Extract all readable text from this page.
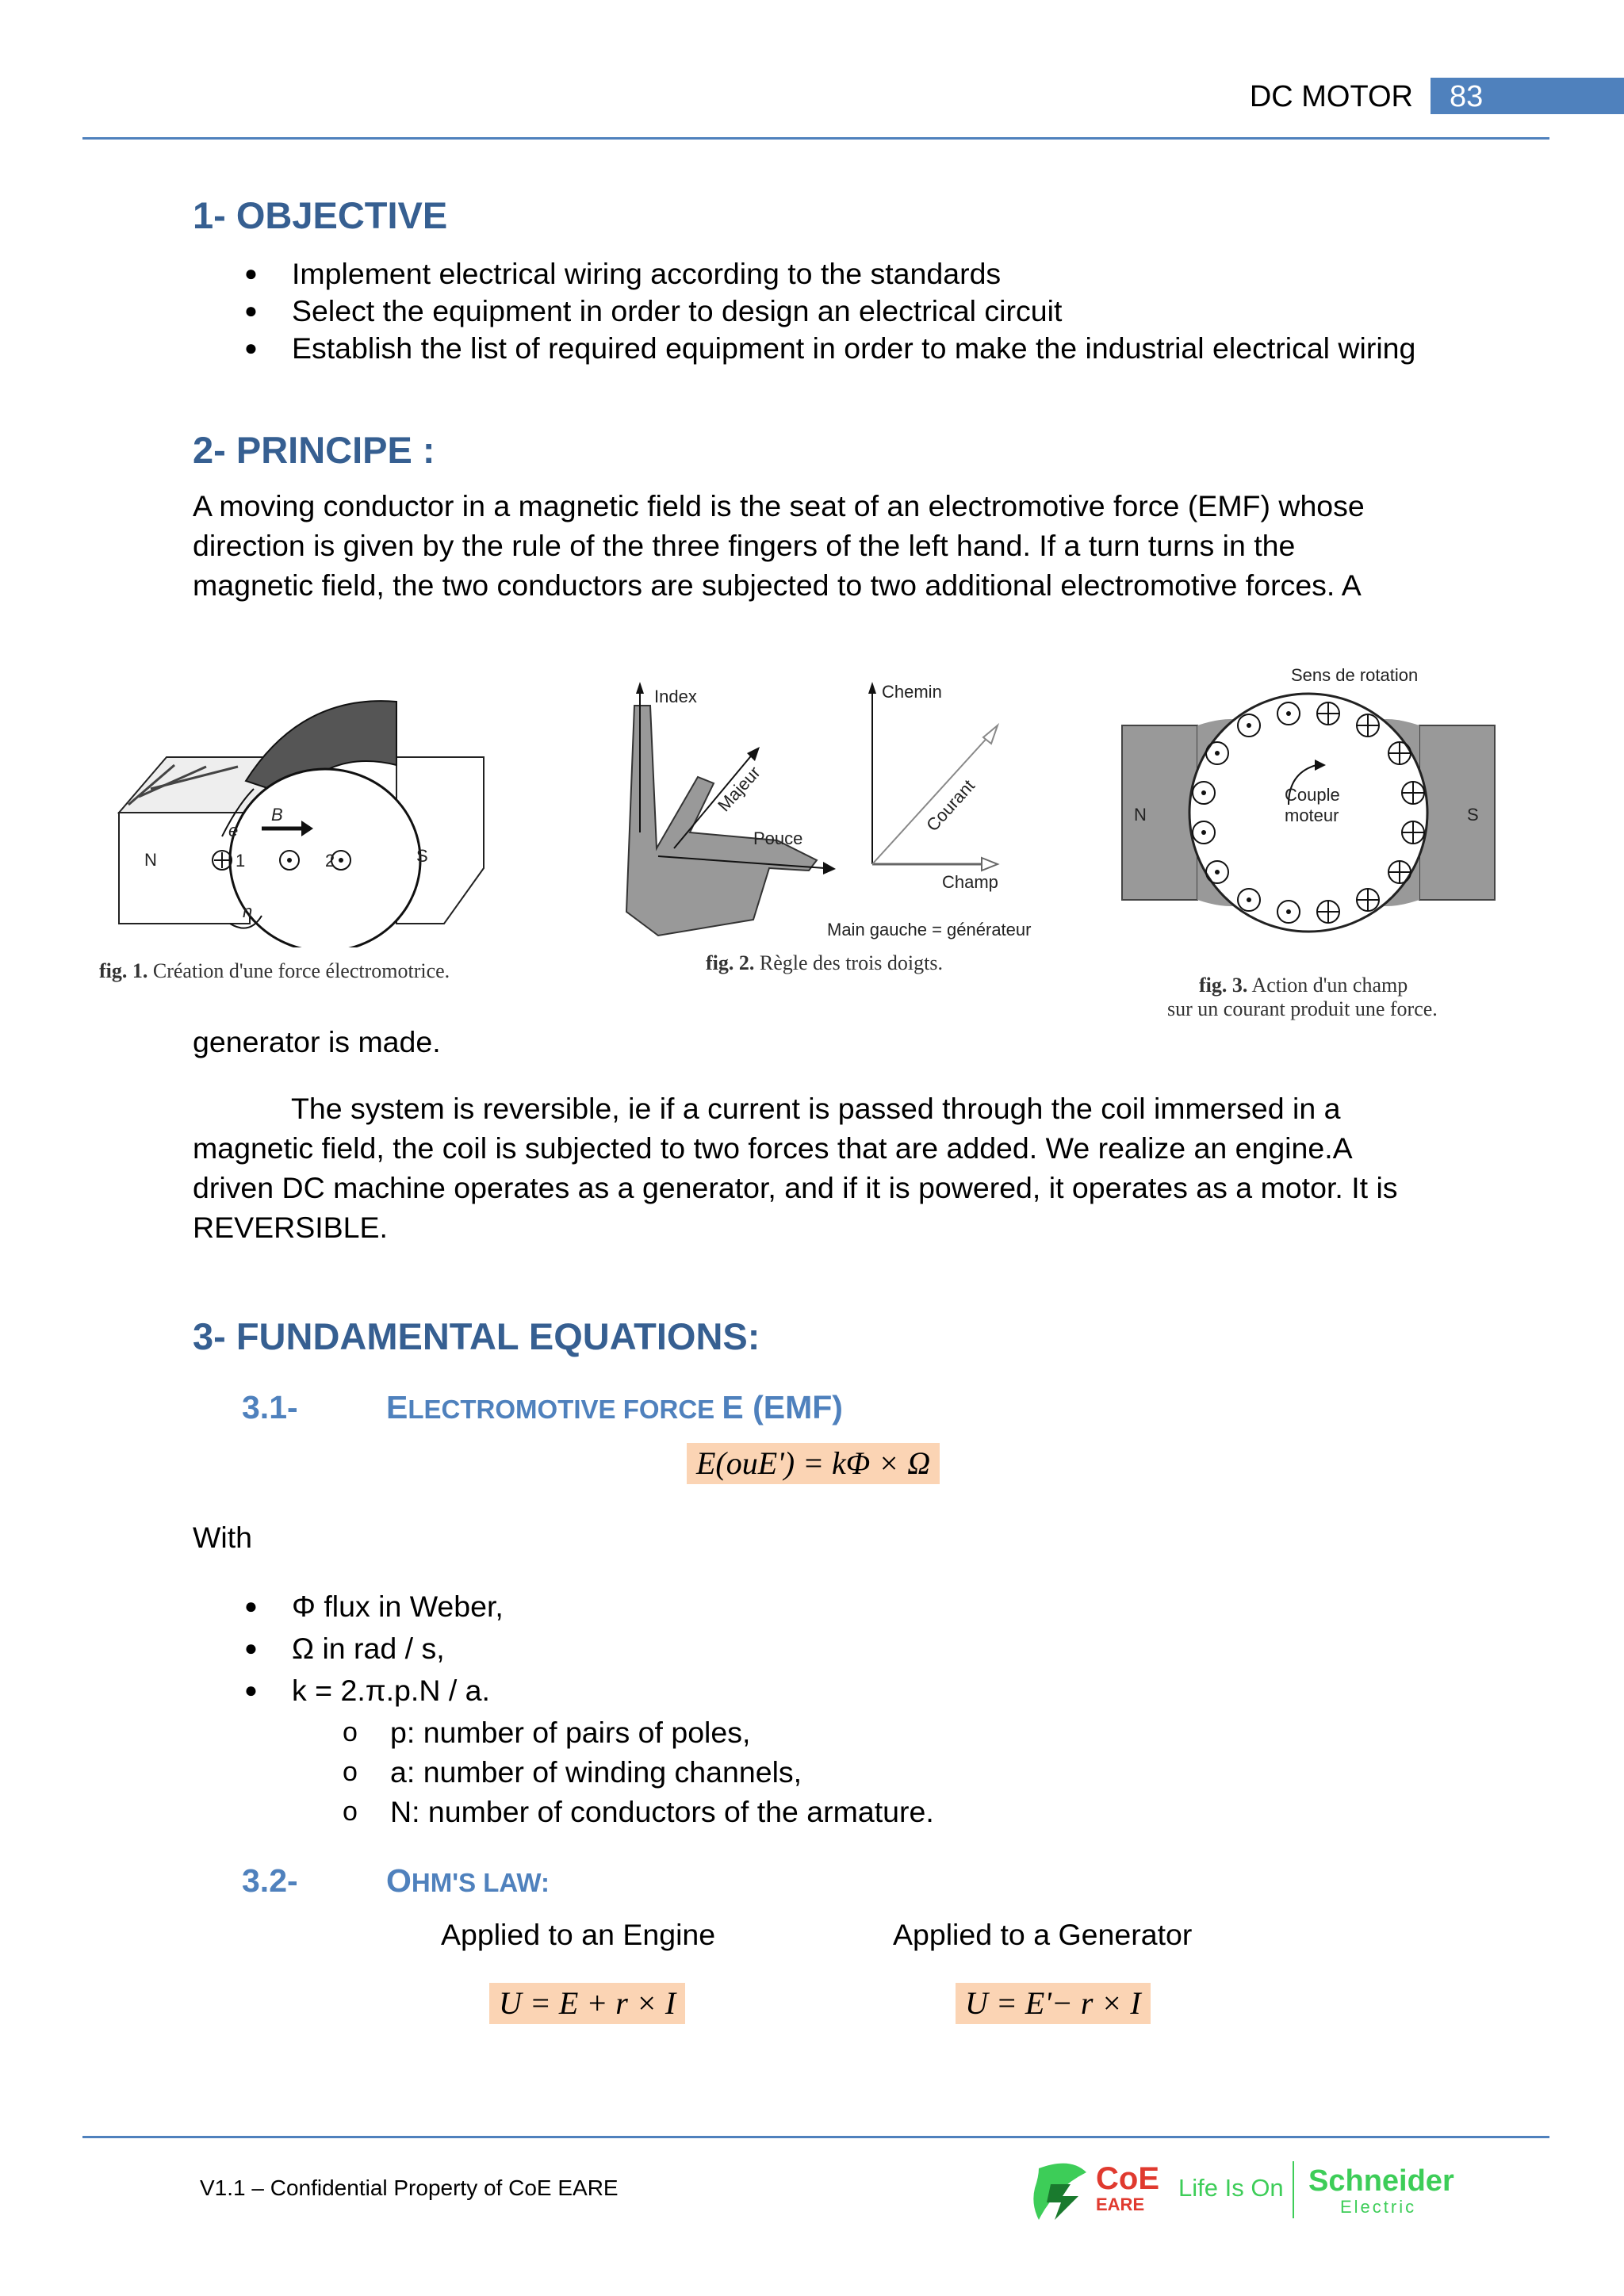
DC MOTOR	83
1- OBJECTIVE
● Implement electrical wiring according to the standards
● Select the equipment in order to design an electrical circuit
● Establish the list of required equipment in order to make the industrial electrical wiring
2- PRINCIPE :
A moving conductor in a magnetic field is the seat of an electromotive force (EMF) whose
direction is given by the rule of the three fingers of the left hand. If a turn turns in the
magnetic field, the two conductors are subjected to two additional electromotive forces. A
N	S
B
e
1	2
n
fig. 1. Création d'une force électromotrice.
Index
Majeur
Pouce
Chemin
Courant
Champ
Main gauche = générateur
fig. 2. Règle des trois doigts.
Sens de rotation
Couple
moteur
N	S
fig. 3. Action d'un champ
sur un courant produit une force.
generator is made.
The system is reversible, ie if a current is passed through the coil immersed in a
magnetic field, the coil is subjected to two forces that are added. We realize an engine.A
driven DC machine operates as a generator, and if it is powered, it operates as a motor. It is
REVERSIBLE.
3- FUNDAMENTAL EQUATIONS:
3.1-	ELECTROMOTIVE FORCE E (EMF)
E(ouE') = kΦ × Ω
With
● Φ flux in Weber,
● Ω in rad / s,
● k = 2.π.p.N / a.
o p: number of pairs of poles,
o a: number of winding channels,
o N: number of conductors of the armature.
3.2-	OHM'S LAW:
Applied to an Engine	Applied to a Generator
U = E + r × I	U = E'− r × I
V1.1 – Confidential Property of CoE EARE	CoE
EARE
Life Is On Schneider
Electric
